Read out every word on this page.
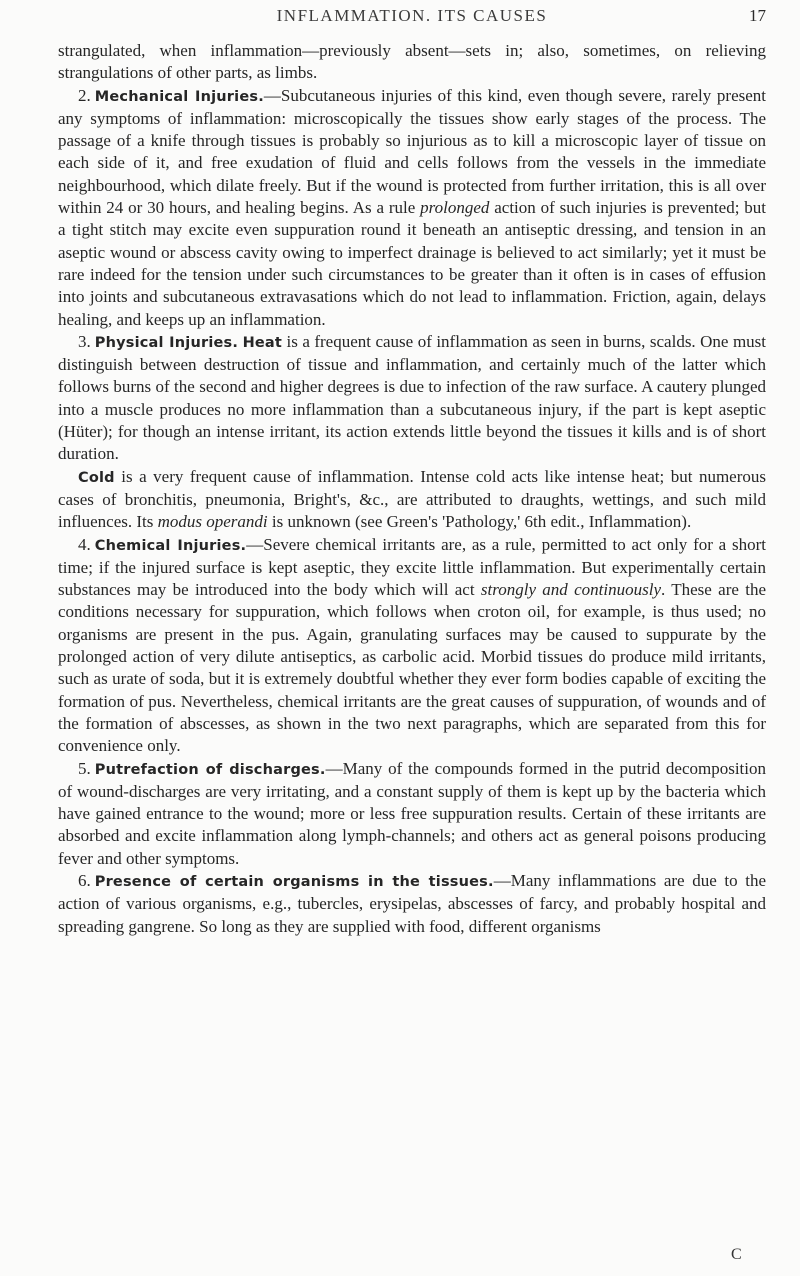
INFLAMMATION. ITS CAUSES	17

strangulated, when inflammation—previously absent—sets in; also, sometimes, on relieving strangulations of other parts, as limbs.

2. Mechanical Injuries.—Subcutaneous injuries of this kind, even though severe, rarely present any symptoms of inflammation: microscopically the tissues show early stages of the process. The passage of a knife through tissues is probably so injurious as to kill a microscopic layer of tissue on each side of it, and free exudation of fluid and cells follows from the vessels in the immediate neighbourhood, which dilate freely. But if the wound is protected from further irritation, this is all over within 24 or 30 hours, and healing begins. As a rule prolonged action of such injuries is prevented; but a tight stitch may excite even suppuration round it beneath an antiseptic dressing, and tension in an aseptic wound or abscess cavity owing to imperfect drainage is believed to act similarly; yet it must be rare indeed for the tension under such circumstances to be greater than it often is in cases of effusion into joints and subcutaneous extravasations which do not lead to inflammation. Friction, again, delays healing, and keeps up an inflammation.

3. Physical Injuries. Heat is a frequent cause of inflammation as seen in burns, scalds. One must distinguish between destruction of tissue and inflammation, and certainly much of the latter which follows burns of the second and higher degrees is due to infection of the raw surface. A cautery plunged into a muscle produces no more inflammation than a subcutaneous injury, if the part is kept aseptic (Hüter); for though an intense irritant, its action extends little beyond the tissues it kills and is of short duration.

Cold is a very frequent cause of inflammation. Intense cold acts like intense heat; but numerous cases of bronchitis, pneumonia, Bright's, &c., are attributed to draughts, wettings, and such mild influences. Its modus operandi is unknown (see Green's 'Pathology,' 6th edit., Inflammation).

4. Chemical Injuries.—Severe chemical irritants are, as a rule, permitted to act only for a short time; if the injured surface is kept aseptic, they excite little inflammation. But experimentally certain substances may be introduced into the body which will act strongly and continuously. These are the conditions necessary for suppuration, which follows when croton oil, for example, is thus used; no organisms are present in the pus. Again, granulating surfaces may be caused to suppurate by the prolonged action of very dilute antiseptics, as carbolic acid. Morbid tissues do produce mild irritants, such as urate of soda, but it is extremely doubtful whether they ever form bodies capable of exciting the formation of pus. Nevertheless, chemical irritants are the great causes of suppuration, of wounds and of the formation of abscesses, as shown in the two next paragraphs, which are separated from this for convenience only.

5. Putrefaction of discharges.—Many of the compounds formed in the putrid decomposition of wound-discharges are very irritating, and a constant supply of them is kept up by the bacteria which have gained entrance to the wound; more or less free suppuration results. Certain of these irritants are absorbed and excite inflammation along lymph-channels; and others act as general poisons producing fever and other symptoms.

6. Presence of certain organisms in the tissues.—Many inflammations are due to the action of various organisms, e.g., tubercles, erysipelas, abscesses of farcy, and probably hospital and spreading gangrene. So long as they are supplied with food, different organisms

C
